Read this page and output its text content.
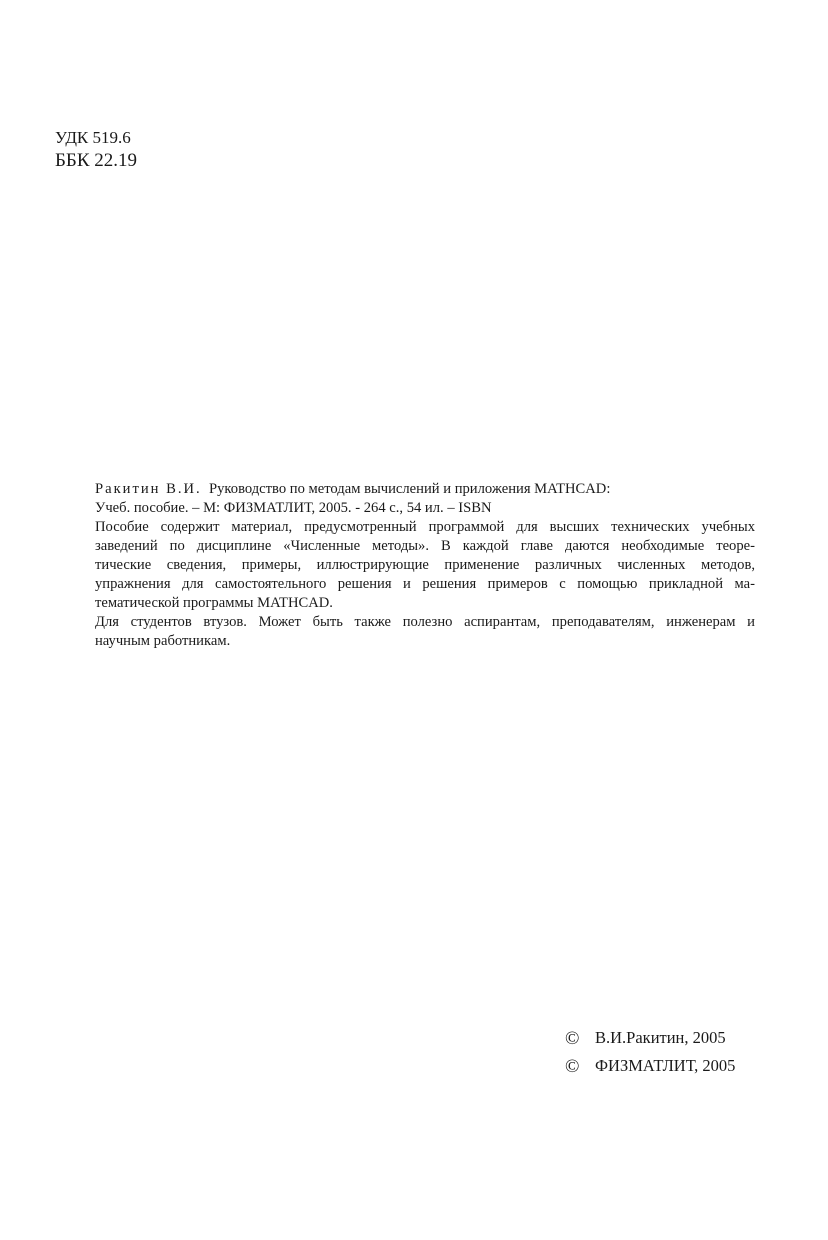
УДК 519.6
ББК 22.19
Ракитин В.И. Руководство по методам вычислений и приложения MATHCAD:
Учеб. пособие. – М: ФИЗМАТЛИТ, 2005. - 264 с., 54 ил. – ISBN
Пособие содержит материал, предусмотренный программой для высших технических учебных
заведений по дисциплине «Численные методы». В каждой главе даются необходимые теоре-
тические сведения, примеры, иллюстрирующие применение различных численных методов,
упражнения для самостоятельного решения и решения примеров с помощью прикладной ма-
тематической программы MATHCAD.
Для студентов втузов. Может быть также полезно аспирантам, преподавателям, инженерам и
научным работникам.
© В.И.Ракитин, 2005
© ФИЗМАТЛИТ, 2005
